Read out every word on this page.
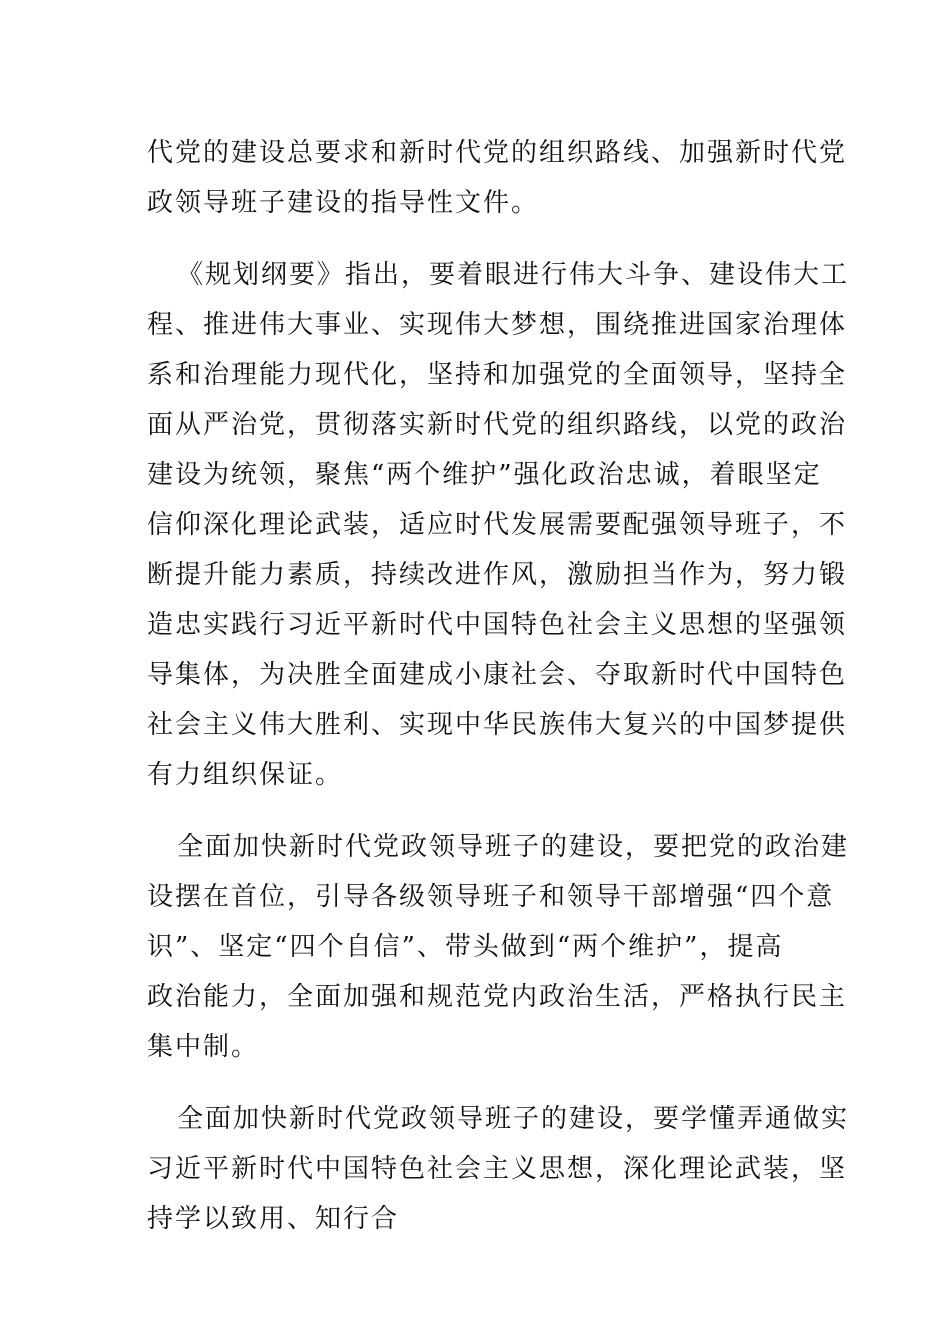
代党的建设总要求和新时代党的组织路线、加强新时代党
政领导班子建设的指导性文件。
《规划纲要》指出，要着眼进行伟大斗争、建设伟大工
程、推进伟大事业、实现伟大梦想，围绕推进国家治理体
系和治理能力现代化，坚持和加强党的全面领导，坚持全
面从严治党，贯彻落实新时代党的组织路线，以党的政治
建设为统领，聚焦“两个维护”强化政治忠诚，着眼坚定
信仰深化理论武装，适应时代发展需要配强领导班子，不
断提升能力素质，持续改进作风，激励担当作为，努力锻
造忠实践行习近平新时代中国特色社会主义思想的坚强领
导集体，为决胜全面建成小康社会、夺取新时代中国特色
社会主义伟大胜利、实现中华民族伟大复兴的中国梦提供
有力组织保证。
全面加快新时代党政领导班子的建设，要把党的政治建
设摆在首位，引导各级领导班子和领导干部增强“四个意
识”、坚定“四个自信”、带头做到“两个维护”，提高
政治能力，全面加强和规范党内政治生活，严格执行民主
集中制。
全面加快新时代党政领导班子的建设，要学懂弄通做实
习近平新时代中国特色社会主义思想，深化理论武装，坚
持学以致用、知行合
